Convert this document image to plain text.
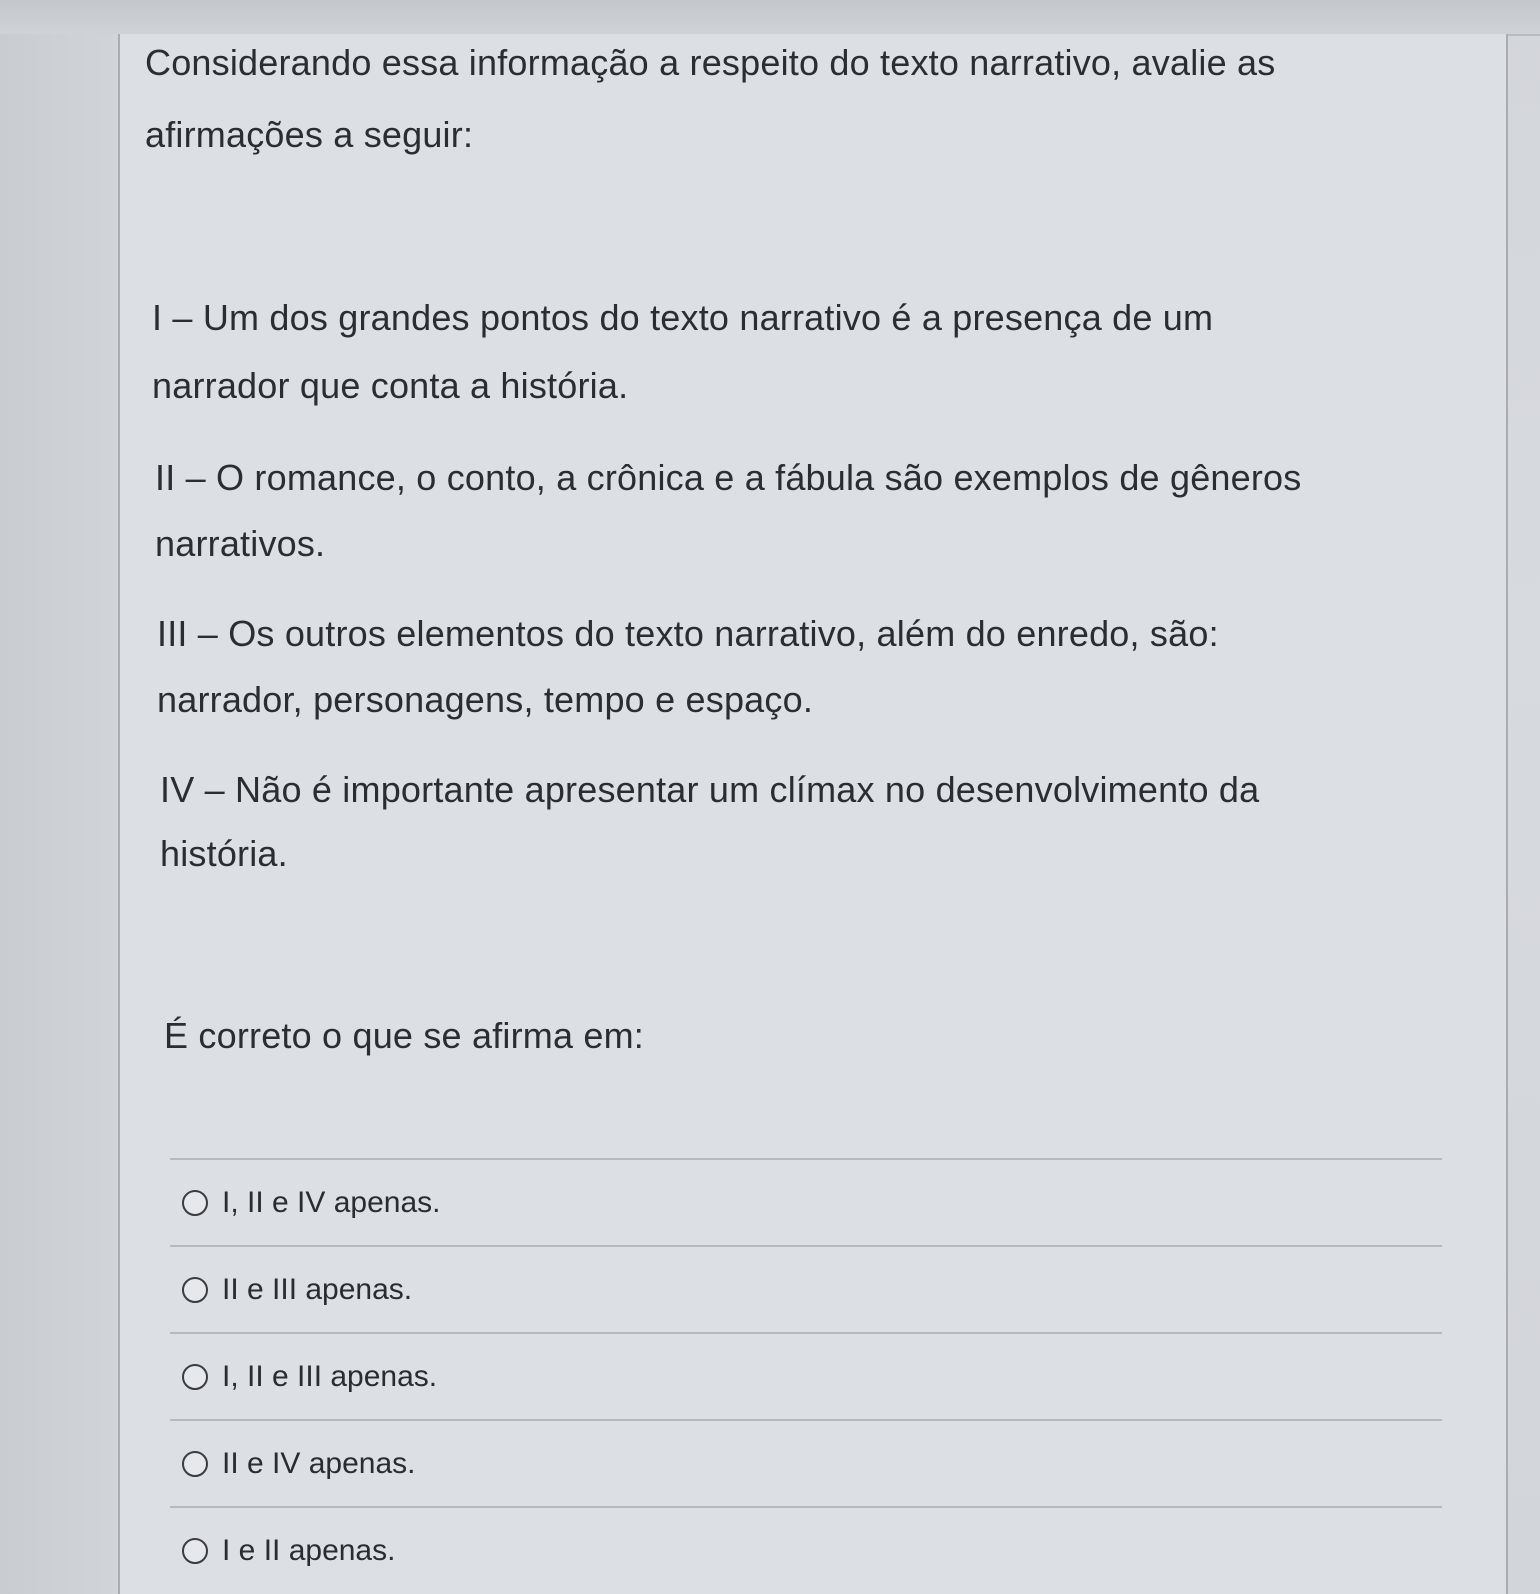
Considerando essa informação a respeito do texto narrativo, avalie as
afirmações a seguir:
I – Um dos grandes pontos do texto narrativo é a presença de um
narrador que conta a história.
II – O romance, o conto, a crônica e a fábula são exemplos de gêneros
narrativos.
III – Os outros elementos do texto narrativo, além do enredo, são:
narrador, personagens, tempo e espaço.
IV – Não é importante apresentar um clímax no desenvolvimento da
história.
É correto o que se afirma em:
I, II e IV apenas.
II e III apenas.
I, II e III apenas.
II e IV apenas.
I e II apenas.
